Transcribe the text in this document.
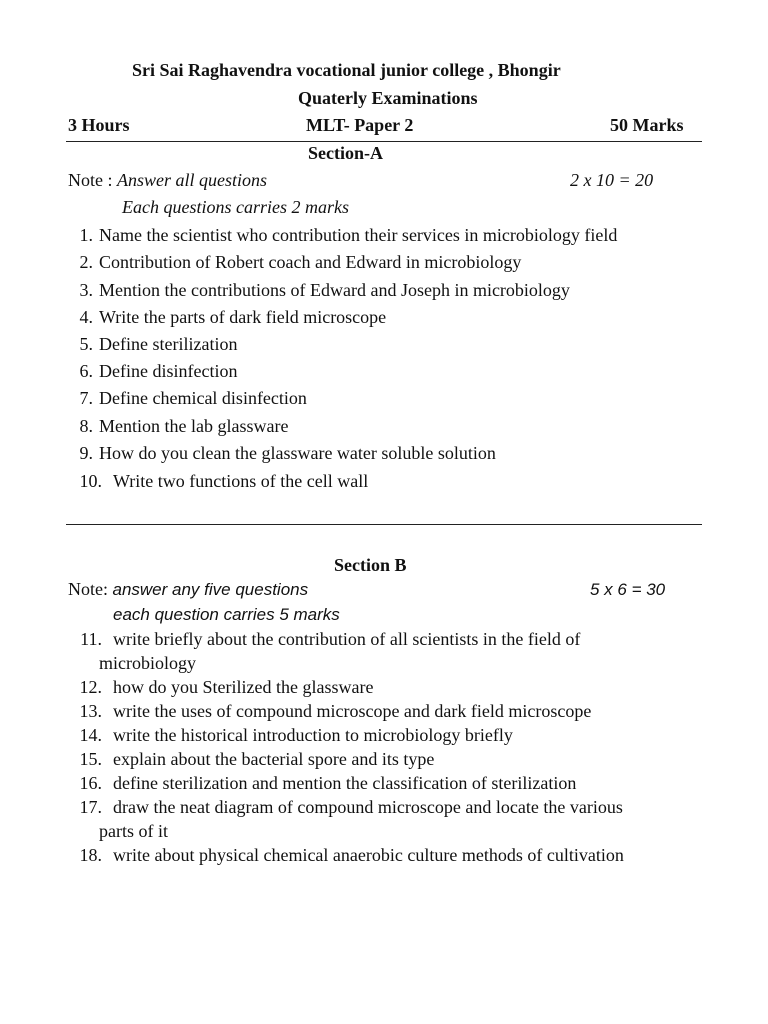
Sri Sai Raghavendra vocational junior college , Bhongir
Quaterly Examinations
3 Hours	MLT- Paper 2	50 Marks
Section-A
Note : Answer all questions	2 x 10 = 20
Each questions carries 2 marks
1. Name the scientist who contribution their services in microbiology field
2. Contribution of Robert coach and Edward in microbiology
3. Mention the contributions of Edward and Joseph in microbiology
4. Write the parts of dark field microscope
5. Define sterilization
6. Define disinfection
7. Define chemical disinfection
8. Mention the lab glassware
9. How do you clean the glassware water soluble solution
10. Write two functions of the cell wall
Section B
Note: answer any five questions	5 x 6 = 30
each question carries 5 marks
11. write briefly about the contribution of all scientists in the field of
microbiology
12. how do you Sterilized the glassware
13. write the uses of compound microscope and dark field microscope
14. write the historical introduction to microbiology briefly
15. explain about the bacterial spore and its type
16. define sterilization and mention the classification of sterilization
17. draw the neat diagram of compound microscope and locate the various
parts of it
18. write about physical chemical anaerobic culture methods of cultivation
